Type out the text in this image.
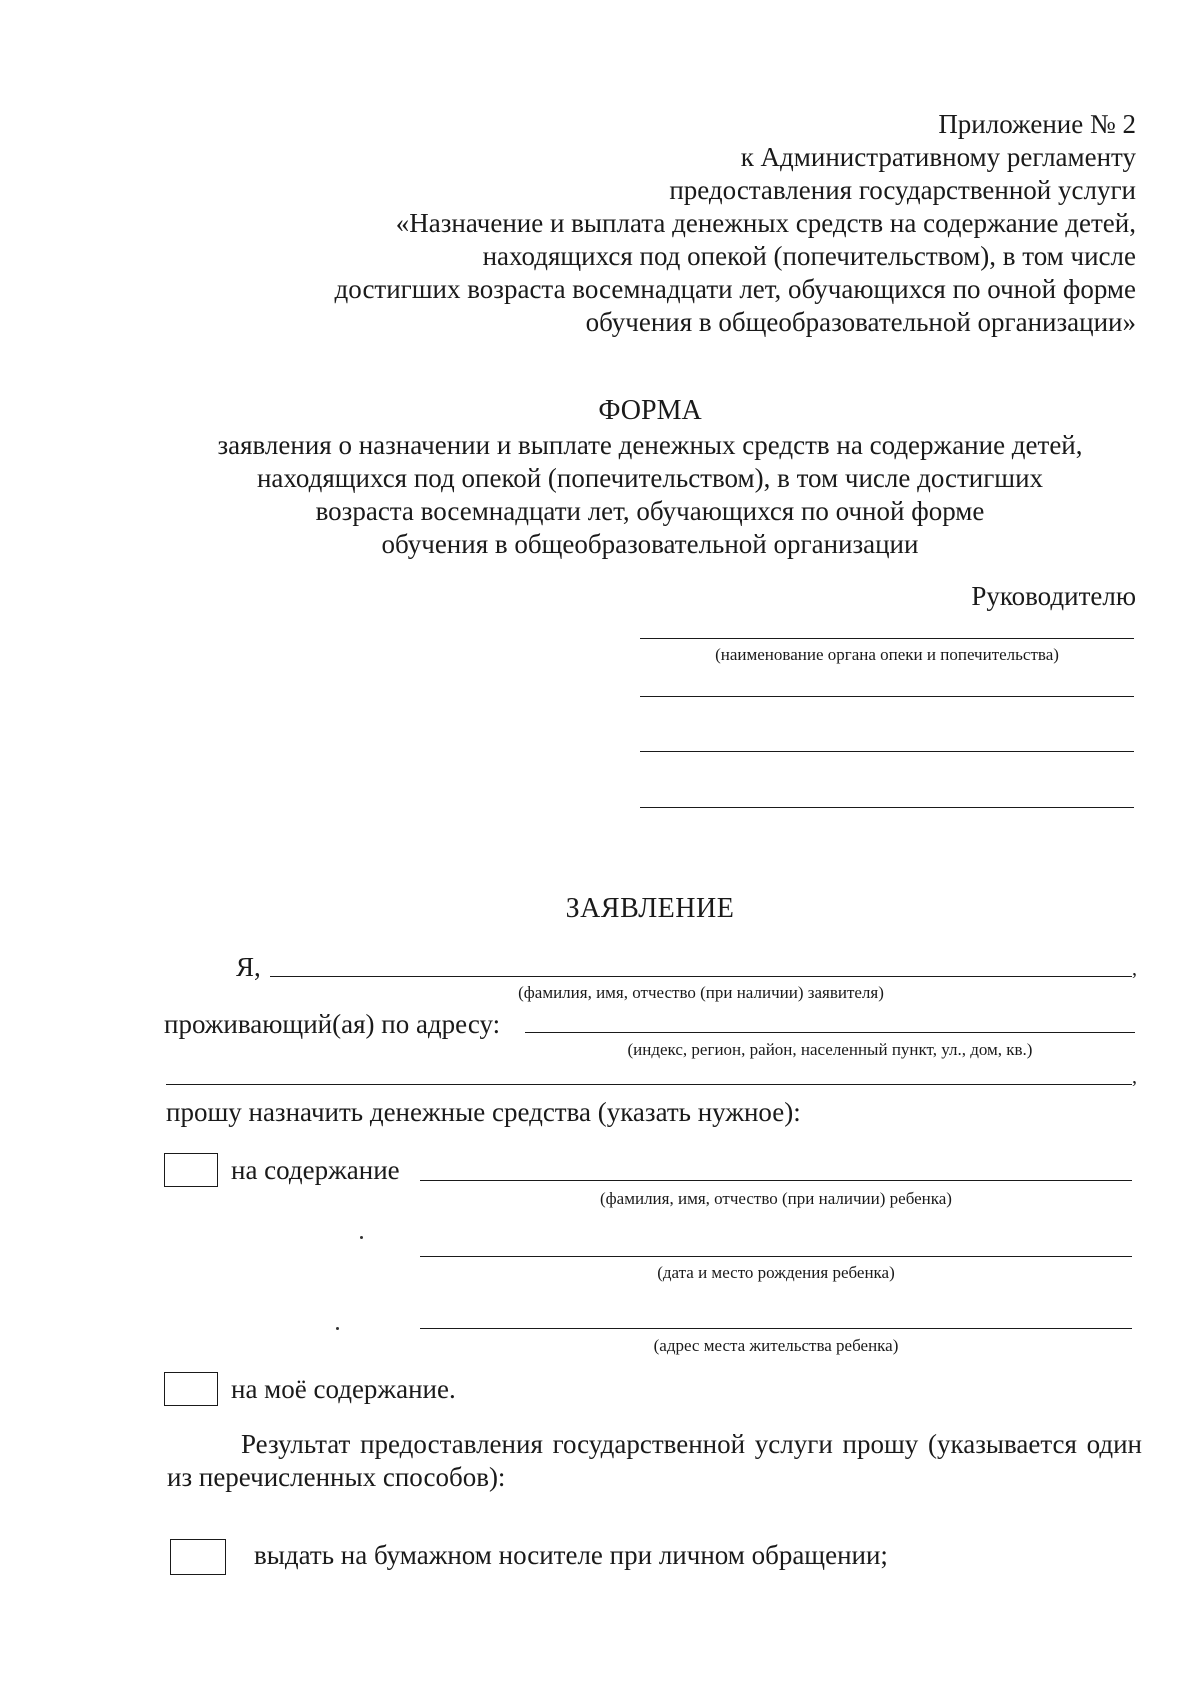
Приложение № 2
к Административному регламенту
предоставления государственной услуги
«Назначение и выплата денежных средств на содержание детей,
находящихся под опекой (попечительством), в том числе
достигших возраста восемнадцати лет, обучающихся по очной форме
обучения в общеобразовательной организации»
ФОРМА
заявления о назначении и выплате денежных средств на содержание детей,
находящихся под опекой (попечительством), в том числе достигших
возраста восемнадцати лет, обучающихся по очной форме
обучения в общеобразовательной организации
Руководителю
(наименование органа опеки и попечительства)
ЗАЯВЛЕНИЕ
Я,	,
(фамилия, имя, отчество (при наличии) заявителя)
проживающий(ая) по адресу:
(индекс, регион, район, населенный пункт, ул., дом, кв.)
,
прошу назначить денежные средства (указать нужное):
на содержание
(фамилия, имя, отчество (при наличии) ребенка)
(дата и место рождения ребенка)
(адрес места жительства ребенка)
на моё содержание.
Результат предоставления государственной услуги прошу (указывается один из перечисленных способов):
выдать на бумажном носителе при личном обращении;
